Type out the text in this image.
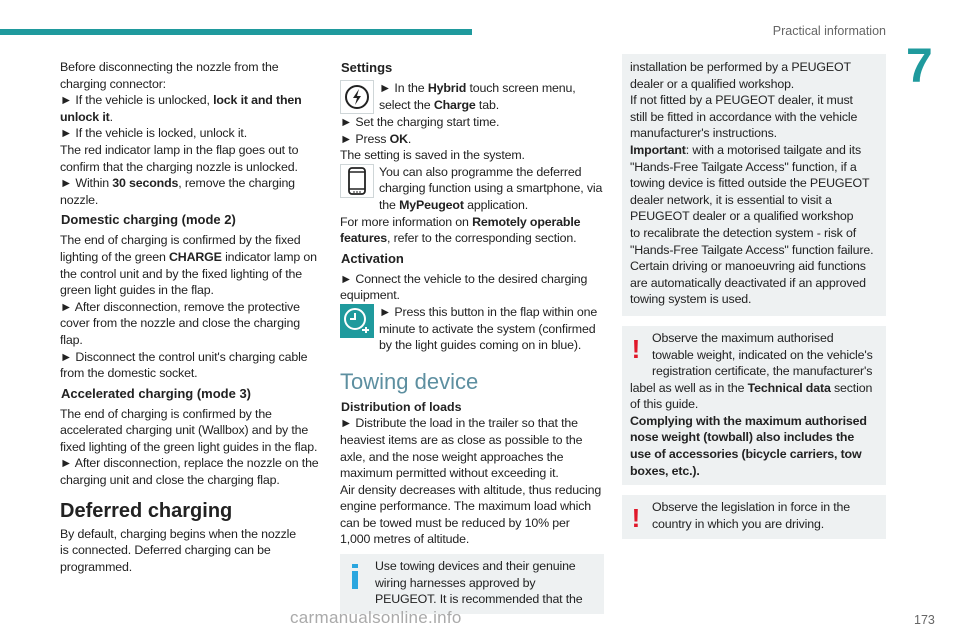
Practical information
7
Before disconnecting the nozzle from the
charging connector:
► If the vehicle is unlocked, lock it and then
unlock it.
► If the vehicle is locked, unlock it.
The red indicator lamp in the flap goes out to
confirm that the charging nozzle is unlocked.
► Within 30 seconds, remove the charging
nozzle.
Domestic charging (mode 2)
The end of charging is confirmed by the fixed
lighting of the green CHARGE indicator lamp on
the control unit and by the fixed lighting of the
green light guides in the flap.
► After disconnection, remove the protective
cover from the nozzle and close the charging
flap.
► Disconnect the control unit's charging cable
from the domestic socket.
Accelerated charging (mode 3)
The end of charging is confirmed by the
accelerated charging unit (Wallbox) and by the
fixed lighting of the green light guides in the flap.
► After disconnection, replace the nozzle on the
charging unit and close the charging flap.
Deferred charging
By default, charging begins when the nozzle
is connected. Deferred charging can be
programmed.
Settings
► In the Hybrid touch screen menu,
select the Charge tab.
► Set the charging start time.
► Press OK.
The setting is saved in the system.
You can also programme the deferred
charging function using a smartphone, via
the MyPeugeot application.
For more information on Remotely operable
features, refer to the corresponding section.
Activation
► Connect the vehicle to the desired charging
equipment.
► Press this button in the flap within one
minute to activate the system (confirmed
by the light guides coming on in blue).
Towing device
Distribution of loads
► Distribute the load in the trailer so that the
heaviest items are as close as possible to the
axle, and the nose weight approaches the
maximum permitted without exceeding it.
Air density decreases with altitude, thus reducing
engine performance. The maximum load which
can be towed must be reduced by 10% per
1,000 metres of altitude.
Use towing devices and their genuine
wiring harnesses approved by
PEUGEOT. It is recommended that the
installation be performed by a PEUGEOT
dealer or a qualified workshop.
If not fitted by a PEUGEOT dealer, it must
still be fitted in accordance with the vehicle
manufacturer's instructions.
Important: with a motorised tailgate and its
"Hands-Free Tailgate Access" function, if a
towing device is fitted outside the PEUGEOT
dealer network, it is essential to visit a
PEUGEOT dealer or a qualified workshop
to recalibrate the detection system - risk of
"Hands-Free Tailgate Access" function failure.
Certain driving or manoeuvring aid functions
are automatically deactivated if an approved
towing system is used.
! Observe the maximum authorised
towable weight, indicated on the vehicle's
registration certificate, the manufacturer's
label as well as in the Technical data section
of this guide.
Complying with the maximum authorised
nose weight (towball) also includes the
use of accessories (bicycle carriers, tow
boxes, etc.).
! Observe the legislation in force in the
country in which you are driving.
carmanualsonline.info	173
